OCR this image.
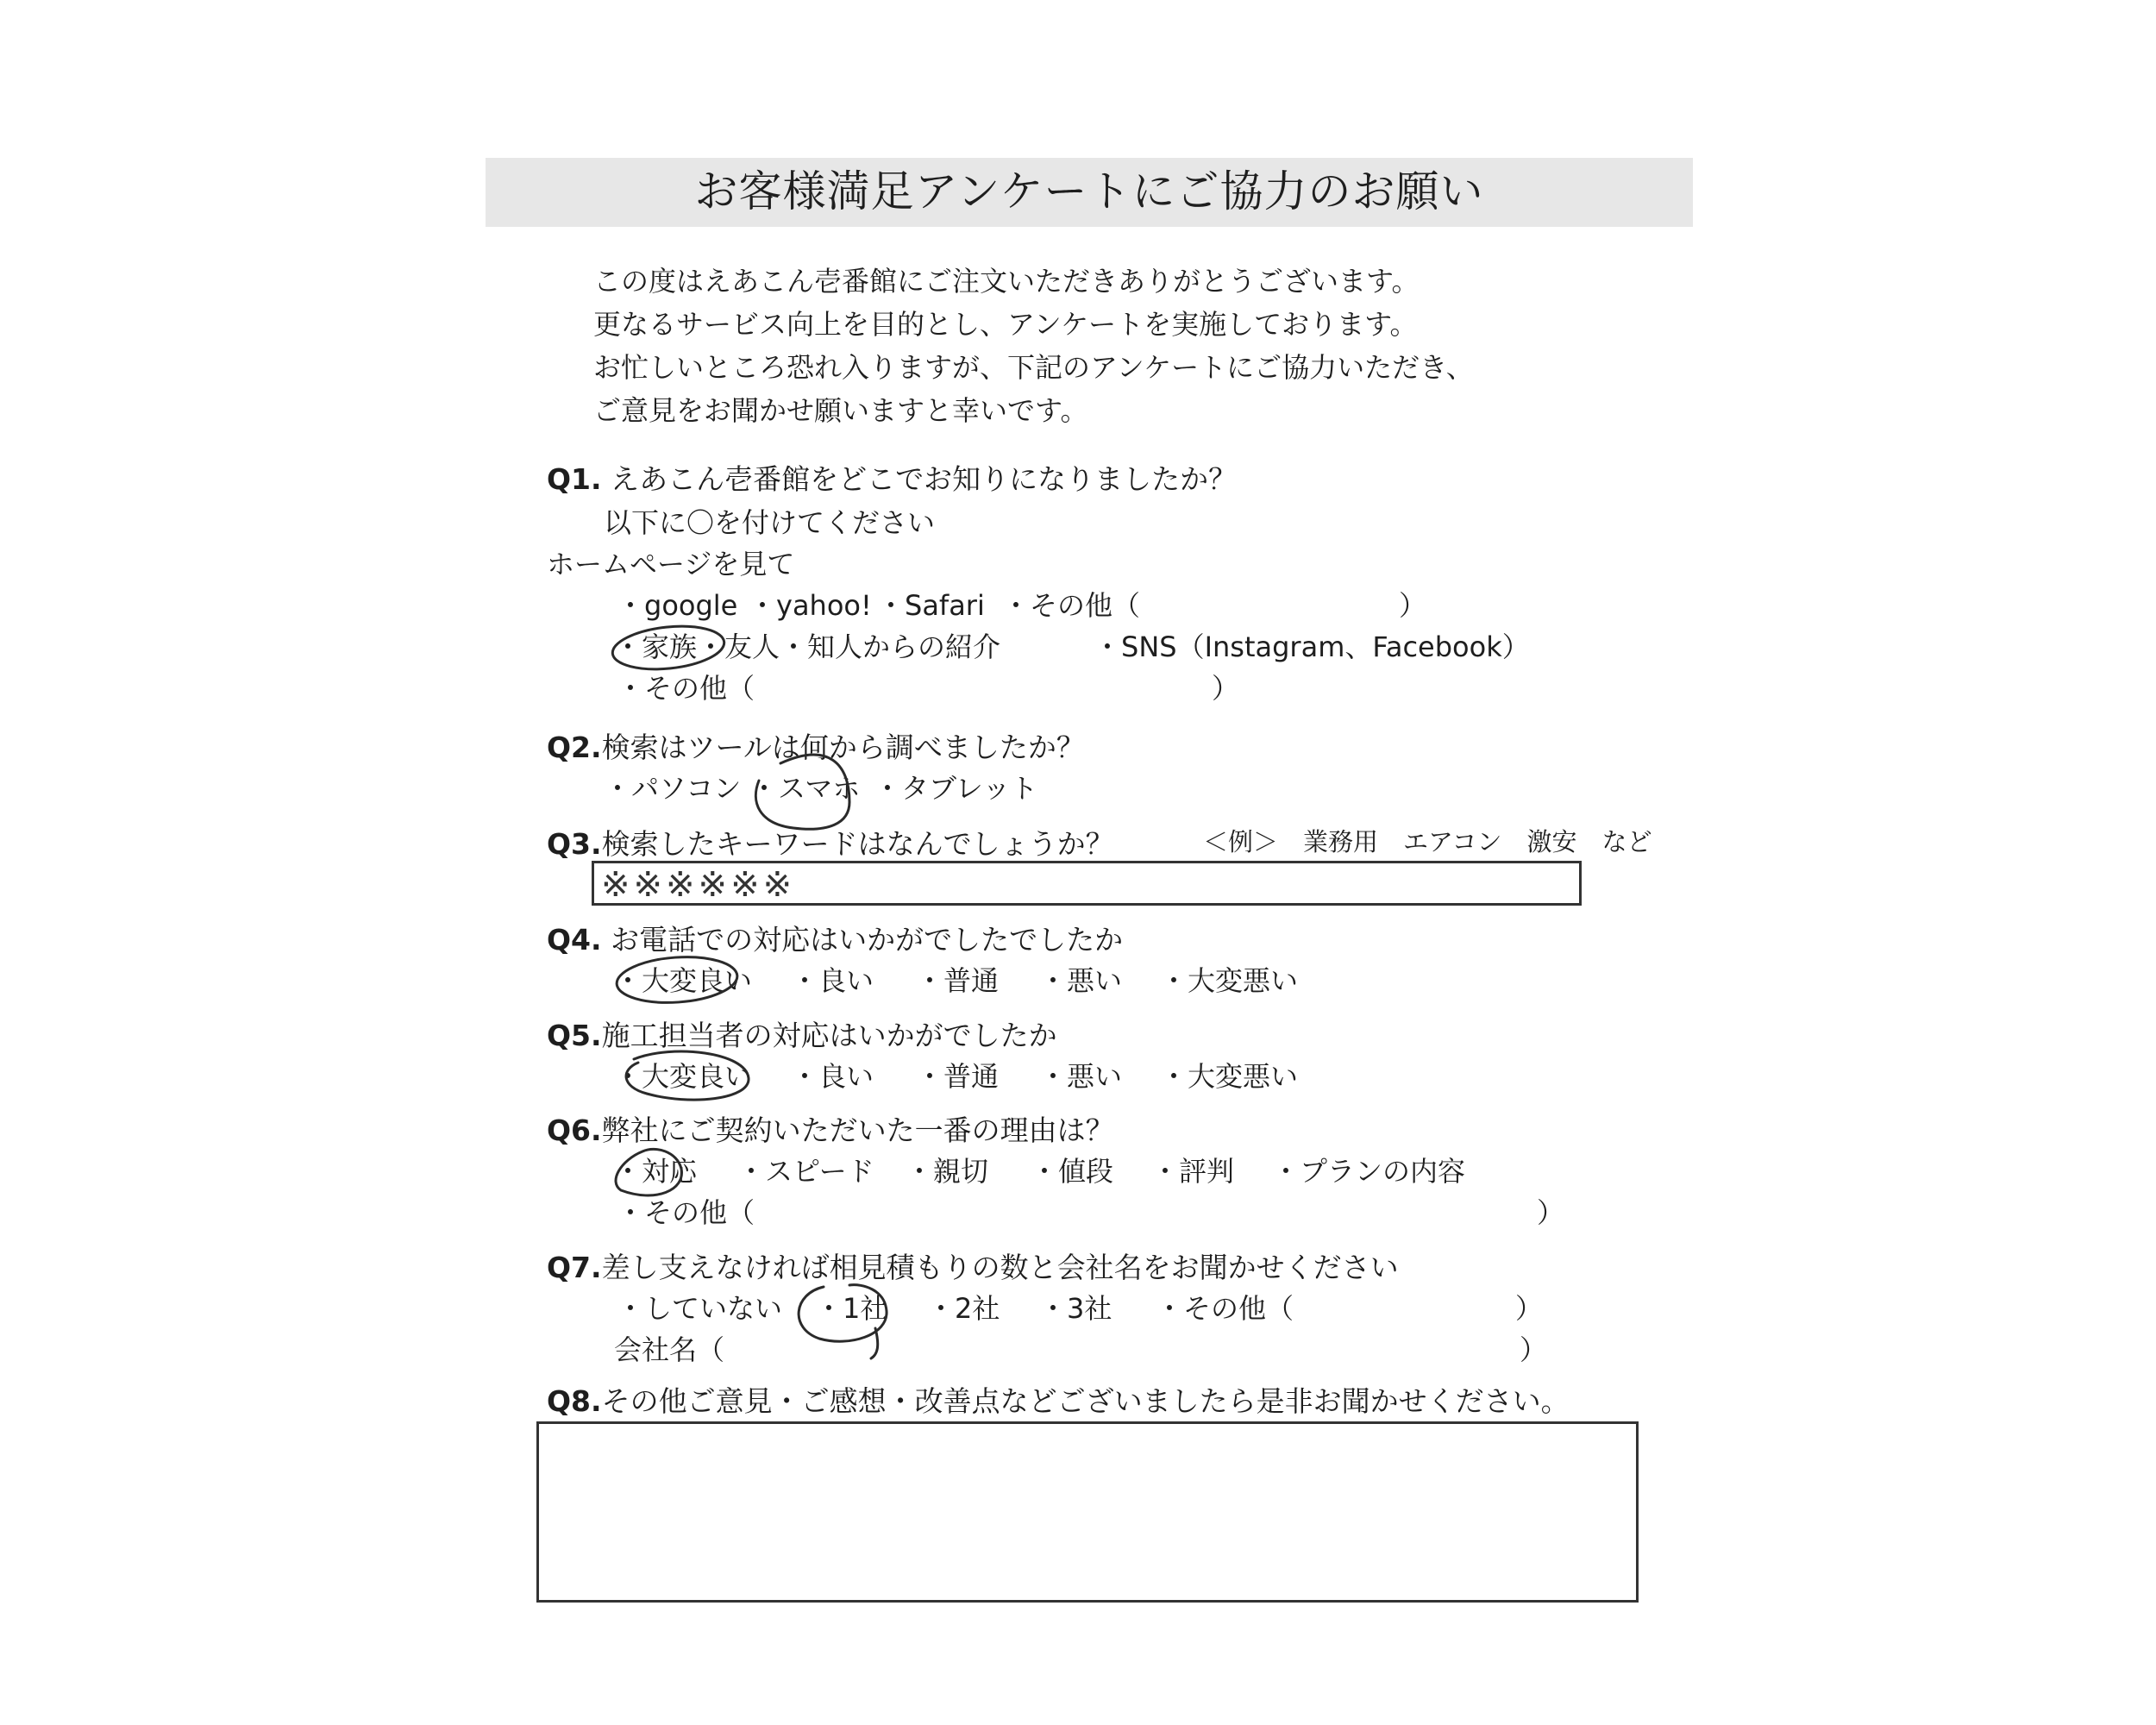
お客様満足アンケートにご協力のお願い
この度はえあこん壱番館にご注文いただきありがとうございます。
更なるサービス向上を目的とし、アンケートを実施しております。
お忙しいところ恐れ入りますが、下記のアンケートにご協力いただき、
ご意見をお聞かせ願いますと幸いです。
Q1. えあこん壱番館をどこでお知りになりましたか？
以下に〇を付けてください
ホームページを見て
・google ・yahoo! ・Safari ・その他（	）
・家族・友人・知人からの紹介	・SNS（Instagram、Facebook）
・その他（	）
Q2.検索はツールは何から調べましたか？
・パソコン ・スマホ ・タブレット
Q3.検索したキーワードはなんでしょうか？	＜例＞　業務用　エアコン　激安　など
※※※※※※
Q4. お電話での対応はいかがでしたでしたか
・大変良い ・良い ・普通 ・悪い ・大変悪い
Q5.施工担当者の対応はいかがでしたか
・大変良い ・良い ・普通 ・悪い ・大変悪い
Q6.弊社にご契約いただいた一番の理由は？
・対応 ・スピード ・親切 ・値段 ・評判 ・プランの内容
・その他（	）
Q7.差し支えなければ相見積もりの数と会社名をお聞かせください
・していない ・1社 ・2社 ・3社 ・その他（	）
会社名（	）
Q8.その他ご意見・ご感想・改善点などございましたら是非お聞かせください。
